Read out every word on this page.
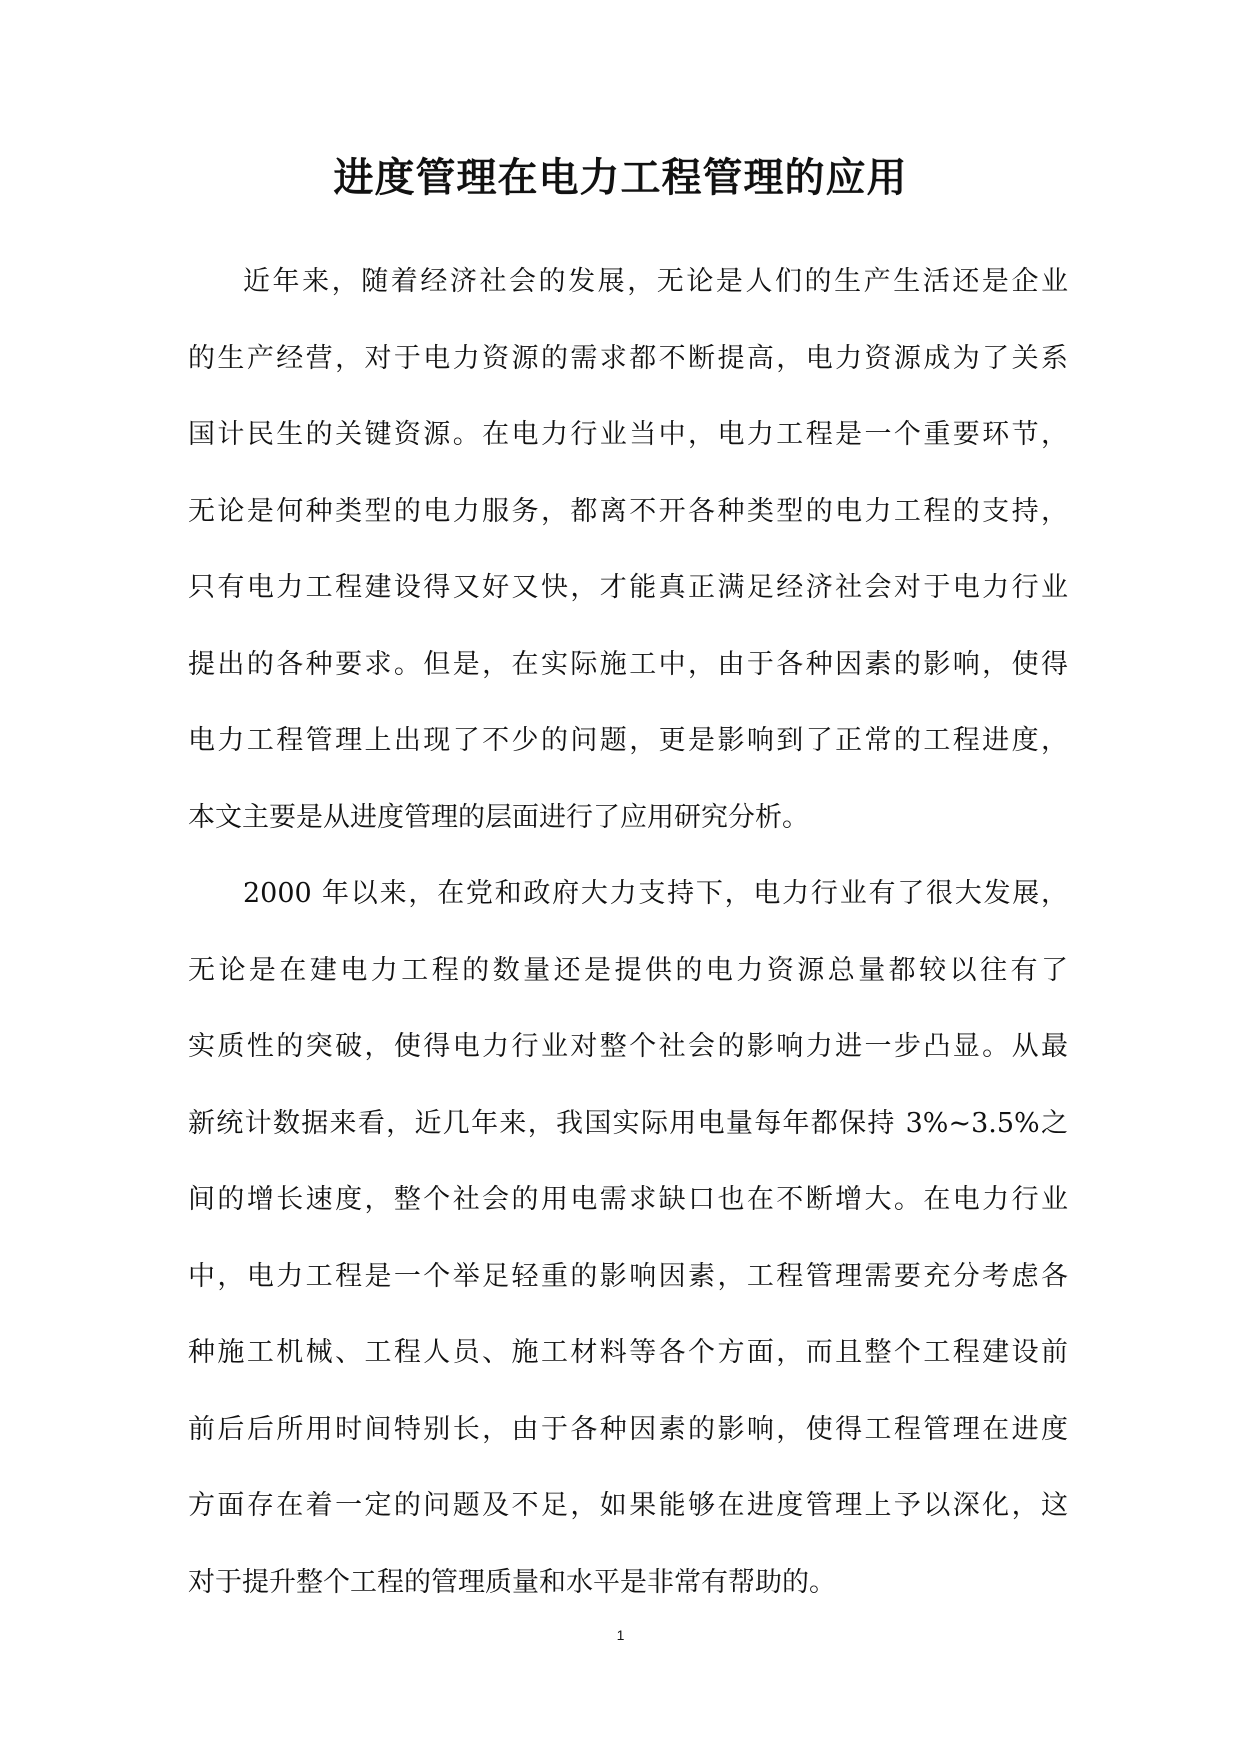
进度管理在电力工程管理的应用

近年来，随着经济社会的发展，无论是人们的生产生活还是企业
的生产经营，对于电力资源的需求都不断提高，电力资源成为了关系
国计民生的关键资源。在电力行业当中，电力工程是一个重要环节，
无论是何种类型的电力服务，都离不开各种类型的电力工程的支持，
只有电力工程建设得又好又快，才能真正满足经济社会对于电力行业
提出的各种要求。但是，在实际施工中，由于各种因素的影响，使得
电力工程管理上出现了不少的问题，更是影响到了正常的工程进度，
本文主要是从进度管理的层面进行了应用研究分析。

2000 年以来，在党和政府大力支持下，电力行业有了很大发展，
无论是在建电力工程的数量还是提供的电力资源总量都较以往有了
实质性的突破，使得电力行业对整个社会的影响力进一步凸显。从最
新统计数据来看，近几年来，我国实际用电量每年都保持 3%~3.5%之
间的增长速度，整个社会的用电需求缺口也在不断增大。在电力行业
中，电力工程是一个举足轻重的影响因素，工程管理需要充分考虑各
种施工机械、工程人员、施工材料等各个方面，而且整个工程建设前
前后后所用时间特别长，由于各种因素的影响，使得工程管理在进度
方面存在着一定的问题及不足，如果能够在进度管理上予以深化，这
对于提升整个工程的管理质量和水平是非常有帮助的。

1
